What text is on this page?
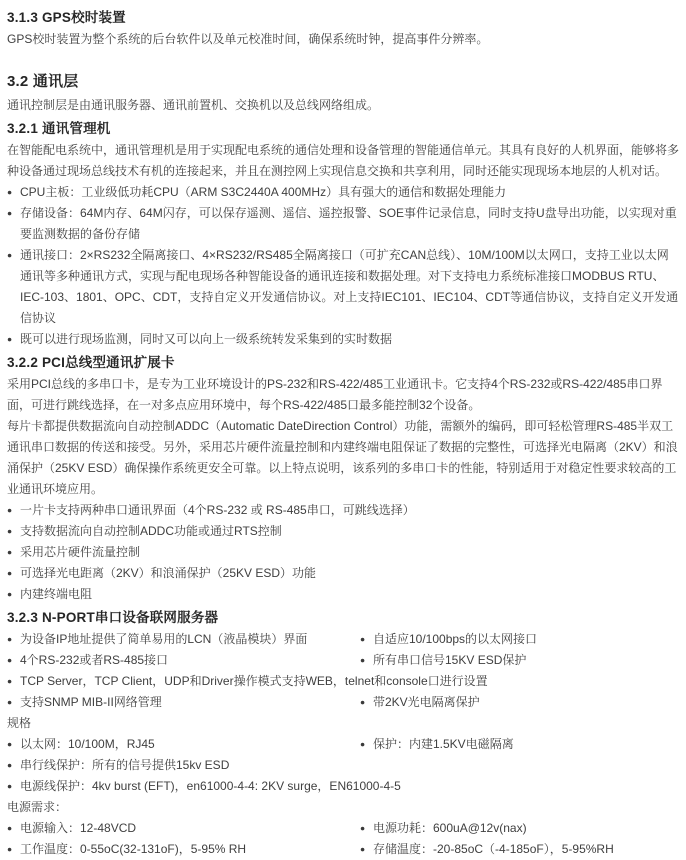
3.1.3 GPS校时装置
GPS校时装置为整个系统的后台软件以及单元校准时间，确保系统时钟，提高事件分辨率。
3.2 通讯层
通讯控制层是由通讯服务器、通讯前置机、交换机以及总线网络组成。
3.2.1 通讯管理机
在智能配电系统中，通讯管理机是用于实现配电系统的通信处理和设备管理的智能通信单元。其具有良好的人机界面，能够将多种设备通过现场总线技术有机的连接起来，并且在测控网上实现信息交换和共享利用，同时还能实现现场本地层的人机对话。
● CPU主板：工业级低功耗CPU（ARM S3C2440A 400MHz）具有强大的通信和数据处理能力
● 存储设备：64M内存、64M闪存，可以保存遥测、遥信、遥控报警、SOE事件记录信息，同时支持U盘导出功能，以实现对重要监测数据的备份存储
● 通讯接口：2×RS232全隔离接口、4×RS232/RS485全隔离接口（可扩充CAN总线）、10M/100M以太网口，支持工业以太网通讯等多种通讯方式，实现与配电现场各种智能设备的通讯连接和数据处理。对下支持电力系统标准接口MODBUS RTU、IEC-103、1801、OPC、CDT，支持自定义开发通信协议。对上支持IEC101、IEC104、CDT等通信协议，支持自定义开发通信协议
● 既可以进行现场监测，同时又可以向上一级系统转发采集到的实时数据
3.2.2 PCI总线型通讯扩展卡
采用PCI总线的多串口卡，是专为工业环境设计的PS-232和RS-422/485工业通讯卡。它支持4个RS-232或RS-422/485串口界面，可进行跳线选择，在一对多点应用环境中，每个RS-422/485口最多能控制32个设备。
每片卡都提供数据流向自动控制ADDC（Automatic DateDirection Control）功能，需额外的编码，即可轻松管理RS-485半双工通讯串口数据的传送和接受。另外，采用芯片硬件流量控制和内建终端电阻保证了数据的完整性，可选择光电隔离（2KV）和浪涌保护（25KV ESD）确保操作系统更安全可靠。以上特点说明，该系列的多串口卡的性能，特别适用于对稳定性要求较高的工业通讯环境应用。
● 一片卡支持两种串口通讯界面（4个RS-232 或 RS-485串口，可跳线选择）
● 支持数据流向自动控制ADDC功能或通过RTS控制
● 采用芯片硬件流量控制
● 可选择光电距离（2KV）和浪涌保护（25KV ESD）功能
● 内建终端电阻
3.2.3 N-PORT串口设备联网服务器
● 为设备IP地址提供了简单易用的LCN（液晶模块）界面	● 自适应10/100bps的以太网接口
● 4个RS-232或者RS-485接口	● 所有串口信号15KV ESD保护
● TCP Server，TCP Client，UDP和Driver操作模式支持WEB，telnet和console口进行设置
● 支持SNMP MIB-II网络管理	● 带2KV光电隔离保护
规格
● 以太网：10/100M，RJ45	● 保护：内建1.5KV电磁隔离
● 串行线保护：所有的信号提供15kv ESD
● 电源线保护：4kv burst (EFT)，en61000-4-4: 2KV surge，EN61000-4-5
电源需求：
● 电源输入：12-48VCD	● 电源功耗：600uA@12v(nax)
● 工作温度：0-55oC(32-131oF)，5-95% RH	● 存储温度：-20-85oC（-4-185oF），5-95%RH
